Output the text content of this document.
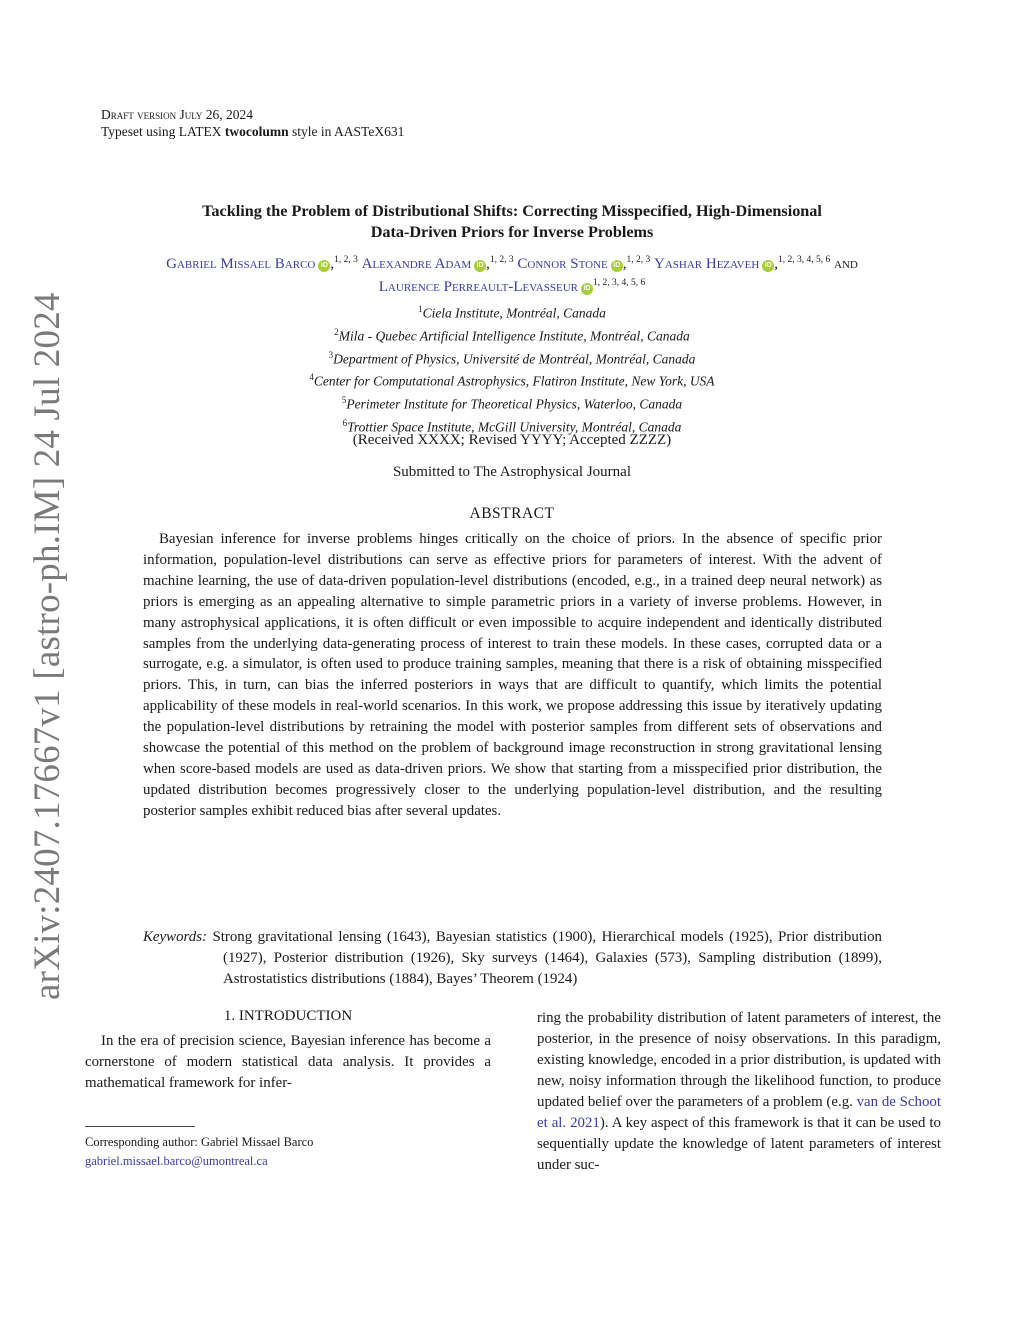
arXiv:2407.17667v1 [astro-ph.IM] 24 Jul 2024
Draft version July 26, 2024
Typeset using LATEX twocolumn style in AASTeX631
Tackling the Problem of Distributional Shifts: Correcting Misspecified, High-Dimensional
Data-Driven Priors for Inverse Problems
Gabriel Missael Barco iD ,$^{1, 2, 3}$ Alexandre Adam iD ,$^{1, 2, 3}$ Connor Stone iD ,$^{1, 2, 3}$ Yashar Hezaveh iD ,$^{1, 2, 3, 4, 5, 6}$ and
Laurence Perreault-Levasseur iD$^{1, 2, 3, 4, 5, 6}$
$^1$Ciela Institute, Montréal, Canada
$^2$Mila - Quebec Artificial Intelligence Institute, Montréal, Canada
$^3$Department of Physics, Université de Montréal, Montréal, Canada
$^4$Center for Computational Astrophysics, Flatiron Institute, New York, USA
$^5$Perimeter Institute for Theoretical Physics, Waterloo, Canada
$^6$Trottier Space Institute, McGill University, Montréal, Canada
(Received XXXX; Revised YYYY; Accepted ZZZZ)
Submitted to The Astrophysical Journal
ABSTRACT

Bayesian inference for inverse problems hinges critically on the choice of priors. In the absence of specific prior information, population-level distributions can serve as effective priors for parameters of interest. With the advent of machine learning, the use of data-driven population-level distributions (encoded, e.g., in a trained deep neural network) as priors is emerging as an appealing alternative to simple parametric priors in a variety of inverse problems. However, in many astrophysical applications, it is often difficult or even impossible to acquire independent and identically distributed samples from the underlying data-generating process of interest to train these models. In these cases, corrupted data or a surrogate, e.g. a simulator, is often used to produce training samples, meaning that there is a risk of obtaining misspecified priors. This, in turn, can bias the inferred posteriors in ways that are difficult to quantify, which limits the potential applicability of these models in real-world scenarios. In this work, we propose addressing this issue by iteratively updating the population-level distributions by retraining the model with posterior samples from different sets of observations and showcase the potential of this method on the problem of background image reconstruction in strong gravitational lensing when score-based models are used as data-driven priors. We show that starting from a misspecified prior distribution, the updated distribution becomes progressively closer to the underlying population-level distribution, and the resulting posterior samples exhibit reduced bias after several updates.

Keywords: Strong gravitational lensing (1643), Bayesian statistics (1900), Hierarchical models (1925), Prior distribution (1927), Posterior distribution (1926), Sky surveys (1464), Galaxies (573), Sampling distribution (1899), Astrostatistics distributions (1884), Bayes’ Theorem (1924)
1. INTRODUCTION

In the era of precision science, Bayesian inference has become a cornerstone of modern statistical data analysis. It provides a mathematical framework for infer-

Corresponding author: Gabriel Missael Barco
gabriel.missael.barco@umontreal.ca

ring the probability distribution of latent parameters of interest, the posterior, in the presence of noisy observations. In this paradigm, existing knowledge, encoded in a prior distribution, is updated with new, noisy information through the likelihood function, to produce updated belief over the parameters of a problem (e.g. van de Schoot et al. 2021). A key aspect of this framework is that it can be used to sequentially update the knowledge of latent parameters of interest under suc-
